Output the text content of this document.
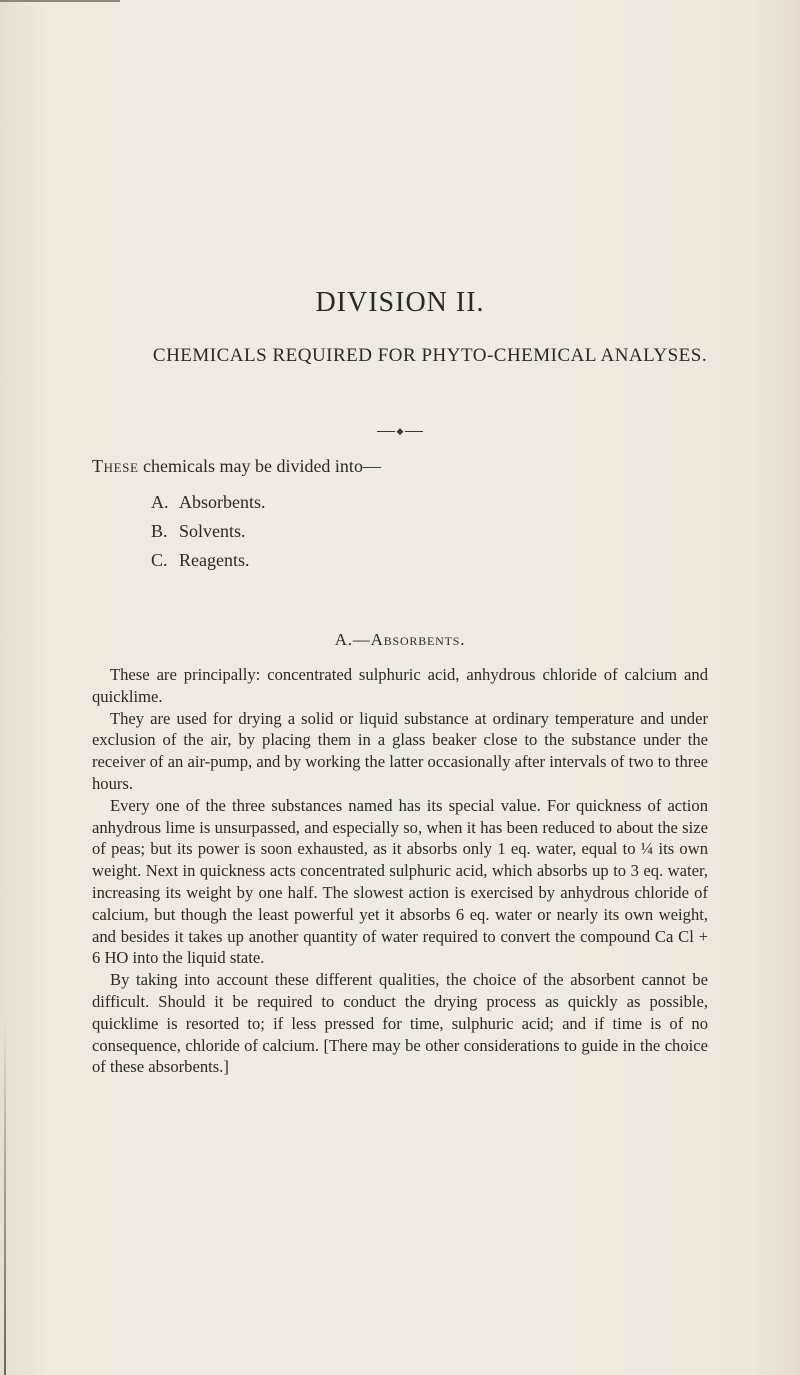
DIVISION II.
CHEMICALS REQUIRED FOR PHYTO-CHEMICAL ANALYSES.
◆
These chemicals may be divided into—
A. Absorbents.
B. Solvents.
C. Reagents.
A.—Absorbents.

These are principally: concentrated sulphuric acid, anhydrous chloride of calcium and quicklime.

They are used for drying a solid or liquid substance at ordinary temperature and under exclusion of the air, by placing them in a glass beaker close to the substance under the receiver of an air-pump, and by working the latter occasionally after intervals of two to three hours.

Every one of the three substances named has its special value. For quickness of action anhydrous lime is unsurpassed, and especially so, when it has been reduced to about the size of peas; but its power is soon exhausted, as it absorbs only 1 eq. water, equal to ¼ its own weight. Next in quickness acts concentrated sulphuric acid, which absorbs up to 3 eq. water, increasing its weight by one half. The slowest action is exercised by anhydrous chloride of calcium, but though the least powerful yet it absorbs 6 eq. water or nearly its own weight, and besides it takes up another quantity of water required to convert the compound Ca Cl + 6 HO into the liquid state.

By taking into account these different qualities, the choice of the absorbent cannot be difficult. Should it be required to conduct the drying process as quickly as possible, quicklime is resorted to; if less pressed for time, sulphuric acid; and if time is of no consequence, chloride of calcium. [There may be other considerations to guide in the choice of these absorbents.]
